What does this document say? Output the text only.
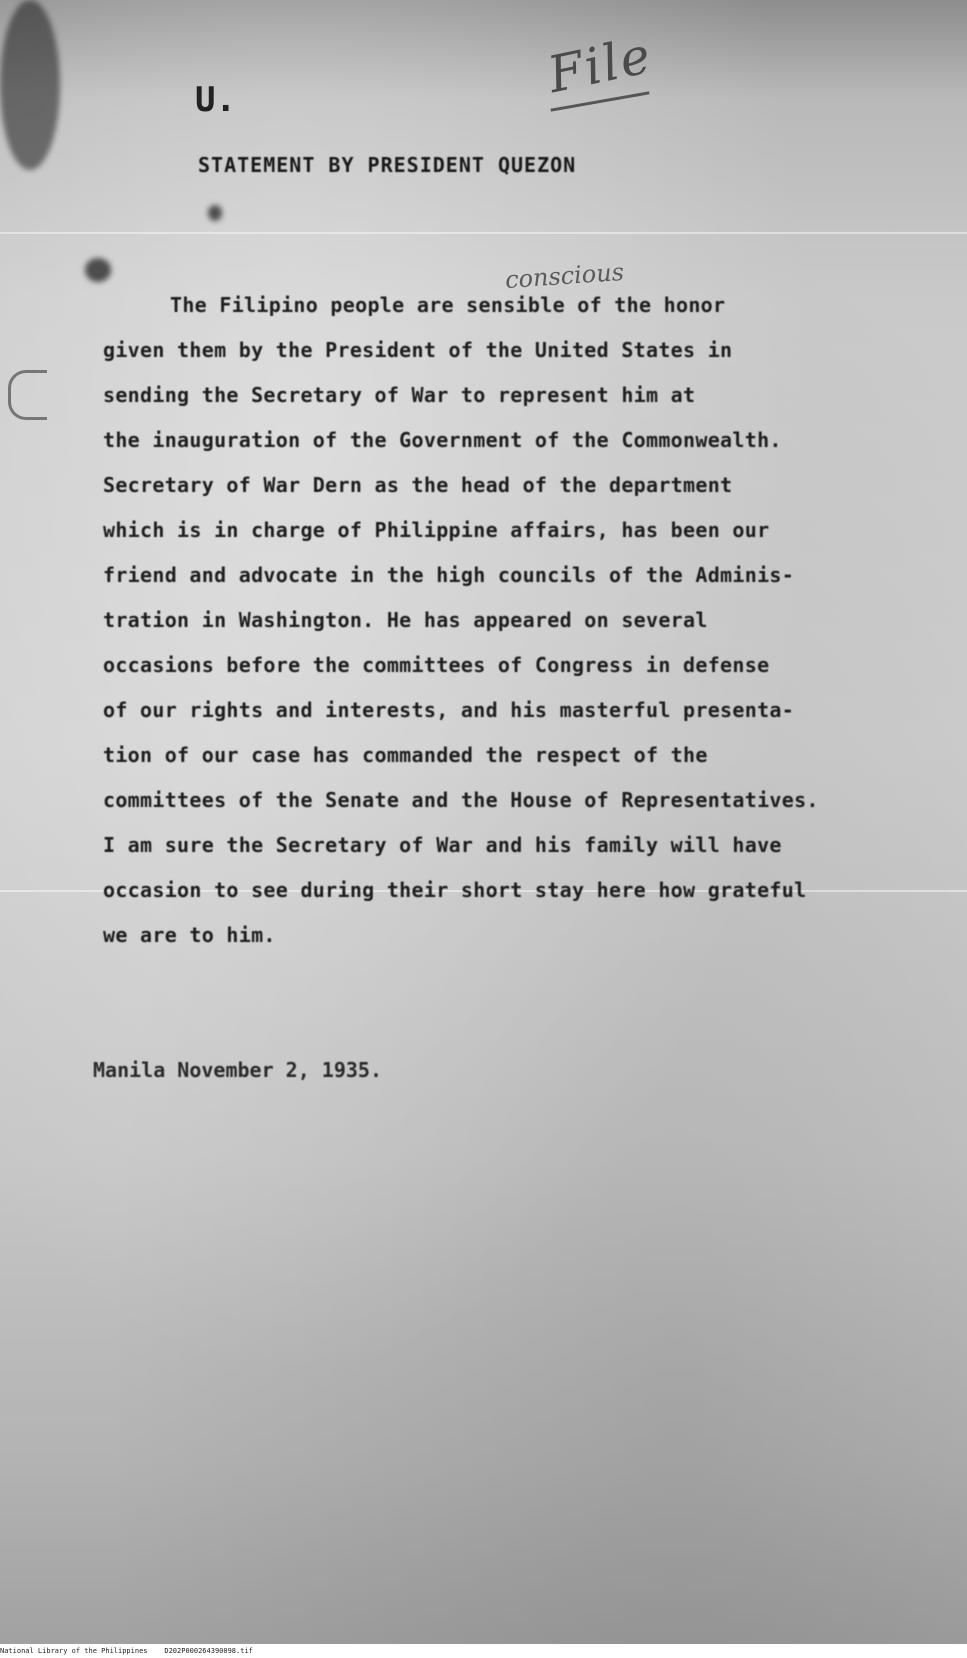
File
U.
STATEMENT BY PRESIDENT QUEZON
conscious
The Filipino people are sensible of the honor
given them by the President of the United States in
sending the Secretary of War to represent him at
the inauguration of the Government of the Commonwealth.
Secretary of War Dern as the head of the department
which is in charge of Philippine affairs, has been our
friend and advocate in the high councils of the Adminis-
tration in Washington. He has appeared on several
occasions before the committees of Congress in defense
of our rights and interests, and his masterful presenta-
tion of our case has commanded the respect of the
committees of the Senate and the House of Representatives.
I am sure the Secretary of War and his family will have
occasion to see during their short stay here how grateful
we are to him.
Manila November 2, 1935.
National Library of the Philippines D202P000264390098.tif
